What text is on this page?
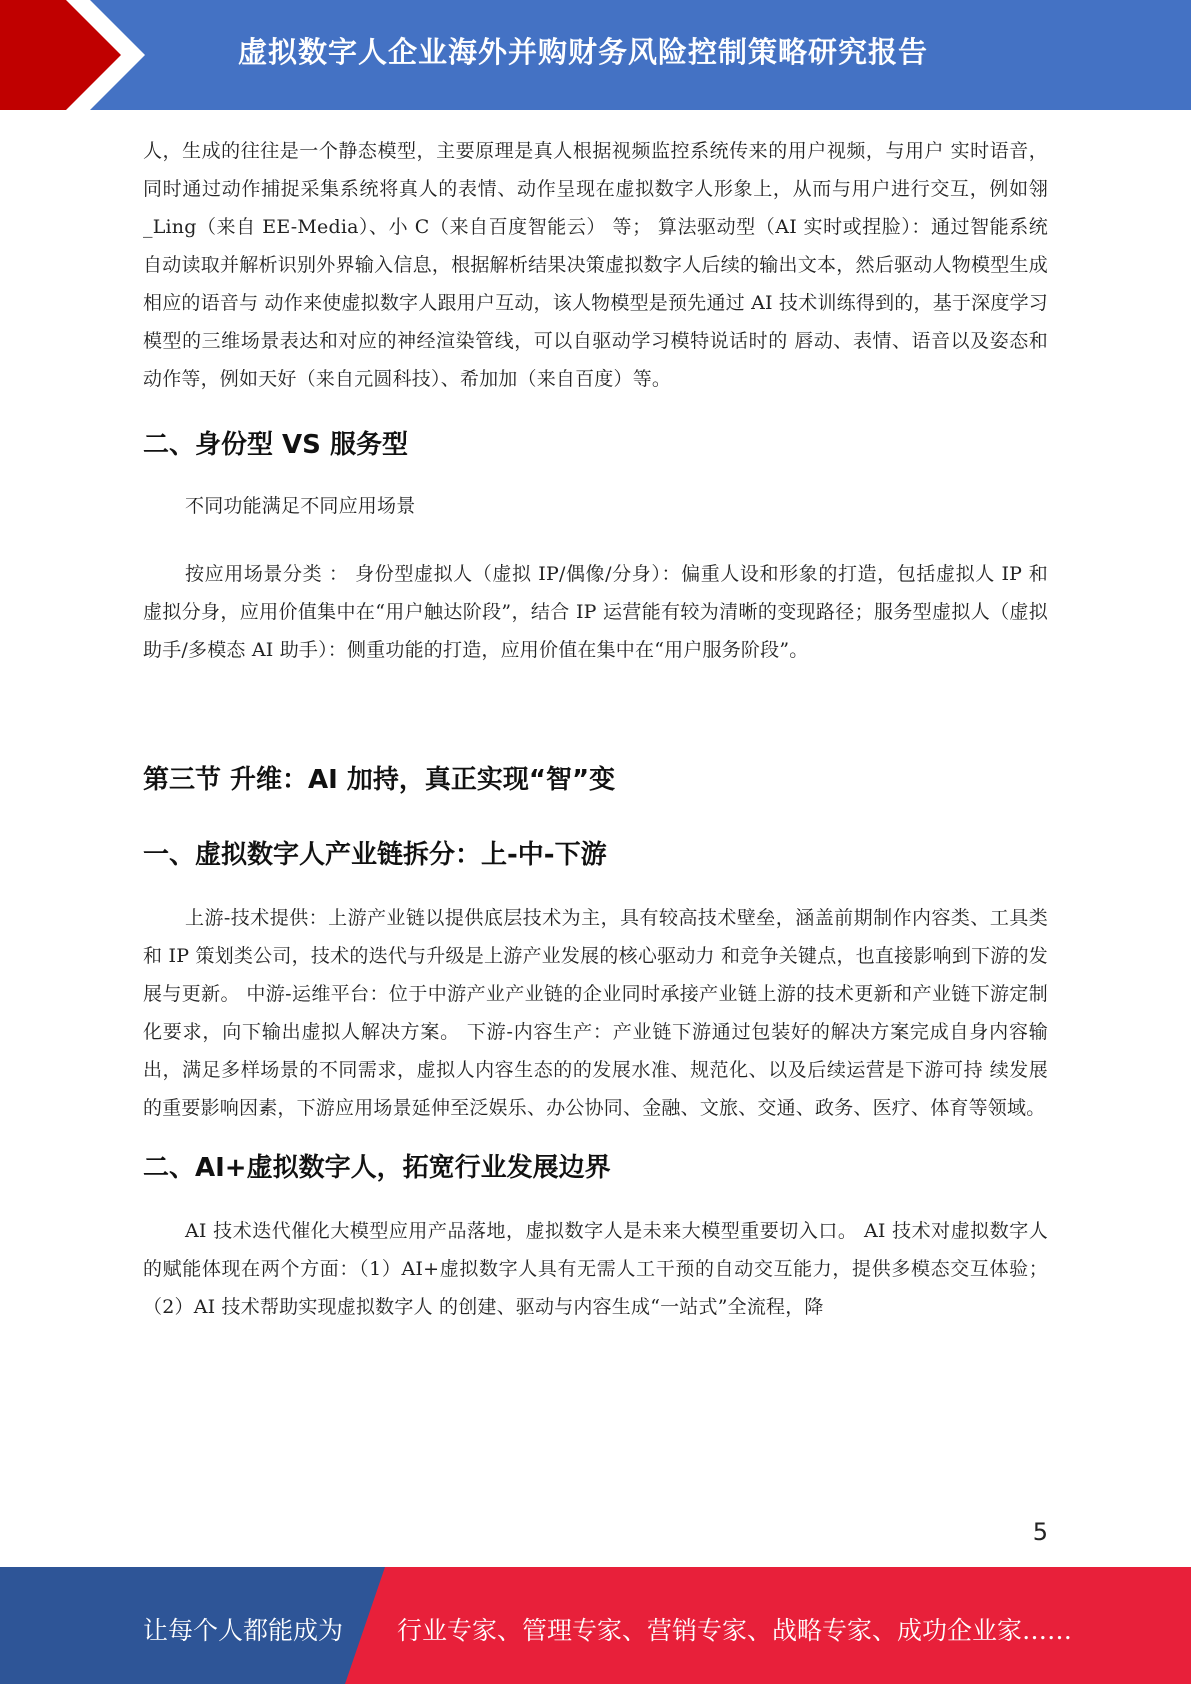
虚拟数字人企业海外并购财务风险控制策略研究报告

人，生成的往往是一个静态模型，主要原理是真人根据视频监控系统传来的用户视频，与用户 实时语音，同时通过动作捕捉采集系统将真人的表情、动作呈现在虚拟数字人形象上，从而与用户进行交互，例如翎_Ling（来自 EE-Media）、小 C（来自百度智能云） 等； 算法驱动型（AI 实时或捏脸）：通过智能系统自动读取并解析识别外界输入信息，根据解析结果决策虚拟数字人后续的输出文本，然后驱动人物模型生成相应的语音与 动作来使虚拟数字人跟用户互动，该人物模型是预先通过 AI 技术训练得到的，基于深度学习模型的三维场景表达和对应的神经渲染管线，可以自驱动学习模特说话时的 唇动、表情、语音以及姿态和动作等，例如天好（来自元圆科技）、希加加（来自百度）等。

二、身份型 VS 服务型

不同功能满足不同应用场景

按应用场景分类 ： 身份型虚拟人（虚拟 IP/偶像/分身）：偏重人设和形象的打造，包括虚拟人 IP 和虚拟分身，应用价值集中在“用户触达阶段”，结合 IP 运营能有较为清晰的变现路径；服务型虚拟人（虚拟助手/多模态 AI 助手）：侧重功能的打造，应用价值在集中在“用户服务阶段”。

第三节 升维：AI 加持，真正实现“智”变
一、虚拟数字人产业链拆分：上-中-下游

上游-技术提供：上游产业链以提供底层技术为主，具有较高技术壁垒，涵盖前期制作内容类、工具类和 IP 策划类公司，技术的迭代与升级是上游产业发展的核心驱动力 和竞争关键点，也直接影响到下游的发展与更新。 中游-运维平台：位于中游产业产业链的企业同时承接产业链上游的技术更新和产业链下游定制化要求，向下输出虚拟人解决方案。 下游-内容生产：产业链下游通过包装好的解决方案完成自身内容输出，满足多样场景的不同需求，虚拟人内容生态的的发展水准、规范化、以及后续运营是下游可持 续发展的重要影响因素，下游应用场景延伸至泛娱乐、办公协同、金融、文旅、交通、政务、医疗、体育等领域。

二、AI+虚拟数字人，拓宽行业发展边界

AI 技术迭代催化大模型应用产品落地，虚拟数字人是未来大模型重要切入口。 AI 技术对虚拟数字人的赋能体现在两个方面：（1）AI+虚拟数字人具有无需人工干预的自动交互能力，提供多模态交互体验；（2）AI 技术帮助实现虚拟数字人 的创建、驱动与内容生成“一站式”全流程，降

5
让每个人都能成为 行业专家、管理专家、营销专家、战略专家、成功企业家……
